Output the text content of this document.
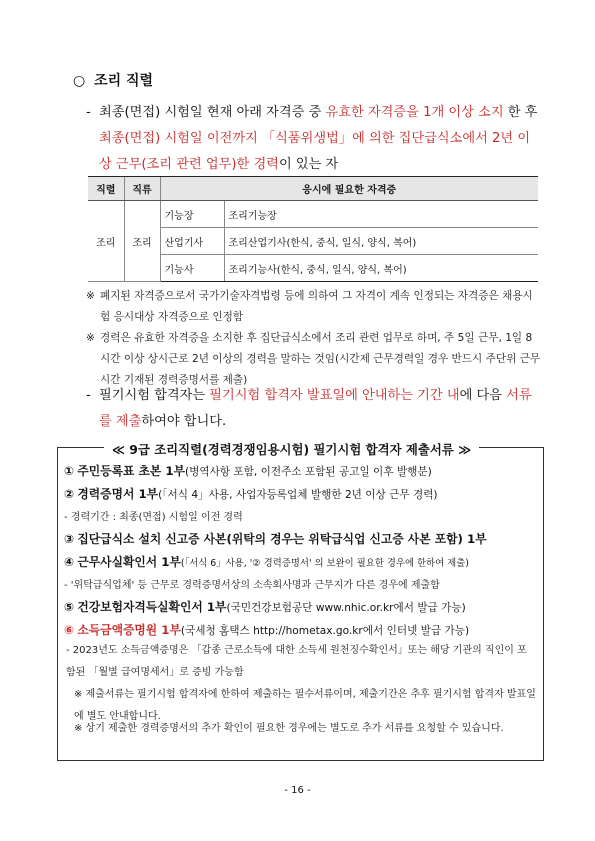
○ 조리 직렬
- 최종(면접) 시험일 현재 아래 자격증 중 유효한 자격증을 1개 이상 소지 한 후 최종(면접) 시험일 이전까지 「식품위생법」에 의한 집단급식소에서 2년 이상 근무(조리 관련 업무)한 경력이 있는 자
직렬	직류	응시에 필요한 자격증	
조리	조리	기능장	조리기능장
		산업기사	조리산업기사(한식, 중식, 일식, 양식, 복어)
		기능사	조리기능사(한식, 중식, 일식, 양식, 복어)
※ 폐지된 자격증으로서 국가기술자격법령 등에 의하여 그 자격이 계속 인정되는 자격증은 채용시험 응시대상 자격증으로 인정함
※ 경력은 유효한 자격증을 소지한 후 집단급식소에서 조리 관련 업무로 하며, 주 5일 근무, 1일 8시간 이상 상시근로 2년 이상의 경력을 말하는 것임(시간제 근무경력일 경우 반드시 주단위 근무시간 기재된 경력증명서를 제출)
- 필기시험 합격자는 필기시험 합격자 발표일에 안내하는 기간 내에 다음 서류를 제출하여야 합니다.
≪ 9급 조리직렬(경력경쟁임용시험) 필기시험 합격자 제출서류 ≫
① 주민등록표 초본 1부(병역사항 포함, 이전주소 포함된 공고일 이후 발행분)
② 경력증명서 1부(「서식 4」사용, 사업자등록업체 발행한 2년 이상 근무 경력)
- 경력기간 : 최종(면접) 시험일 이전 경력
③ 집단급식소 설치 신고증 사본(위탁의 경우는 위탁급식업 신고증 사본 포함) 1부
④ 근무사실확인서 1부(「서식 6」사용, '② 경력증명서' 의 보완이 필요한 경우에 한하여 제출)
- '위탁급식업체' 등 근무로 경력증명서상의 소속회사명과 근무지가 다른 경우에 제출함
⑤ 건강보험자격득실확인서 1부(국민건강보험공단 www.nhic.or.kr에서 발급 가능)
⑥ 소득금액증명원 1부(국세청 홈택스 http://hometax.go.kr에서 인터넷 발급 가능)
- 2023년도 소득금액증명은 「갑종 근로소득에 대한 소득세 원천징수확인서」또는 해당 기관의 직인이 포함된 「월별 급여명세서」로 증빙 가능함
※ 제출서류는 필기시험 합격자에 한하여 제출하는 필수서류이며, 제출기간은 추후 필기시험 합격자 발표일에 별도 안내합니다.
※ 상기 제출한 경력증명서의 추가 확인이 필요한 경우에는 별도로 추가 서류를 요청할 수 있습니다.
- 16 -
